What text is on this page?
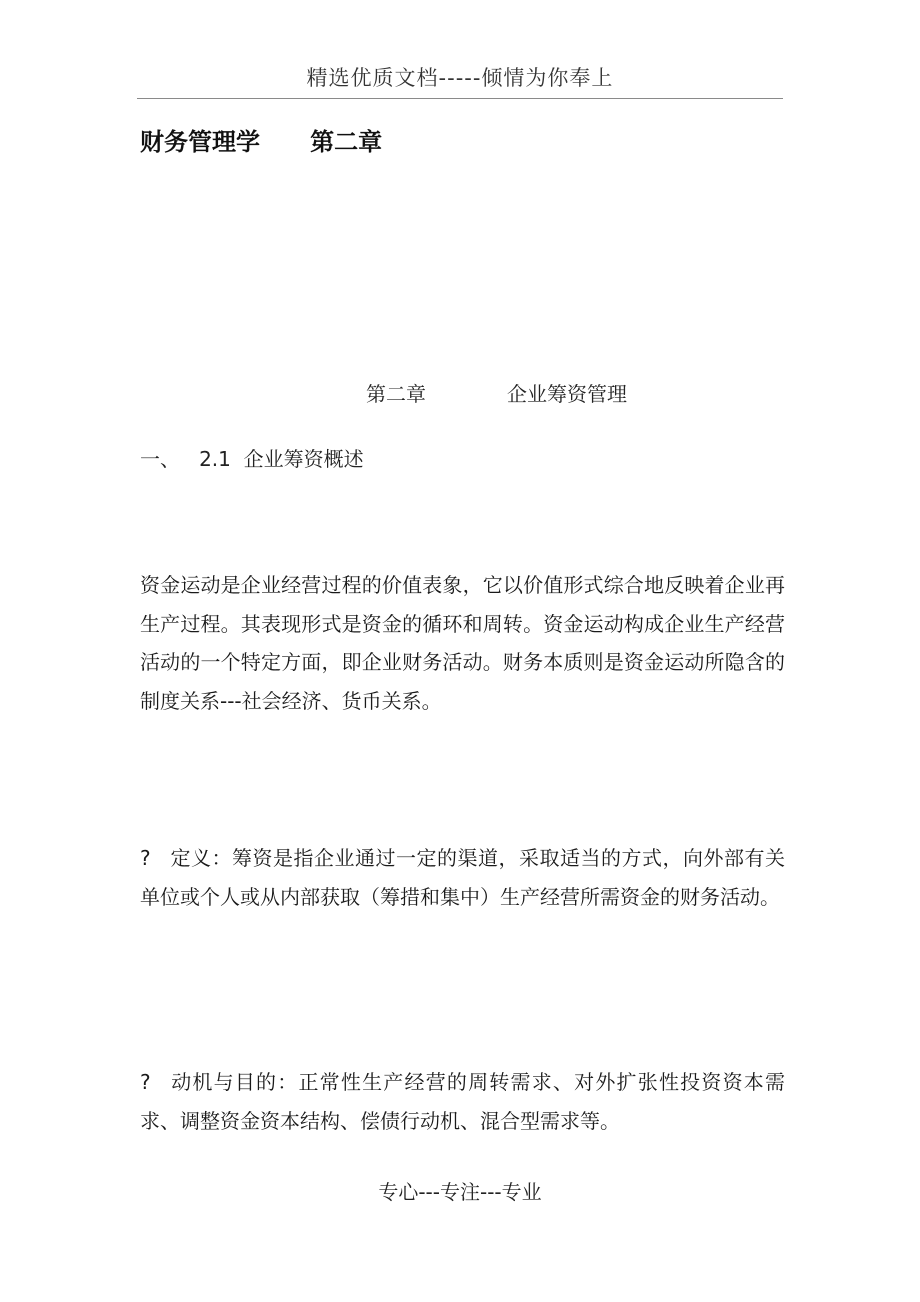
精选优质文档-----倾情为你奉上
财务管理学 第二章
第二章	企业筹资管理
一、 2.1 企业筹资概述
资金运动是企业经营过程的价值表象，它以价值形式综合地反映着企业再生产过程。其表现形式是资金的循环和周转。资金运动构成企业生产经营活动的一个特定方面，即企业财务活动。财务本质则是资金运动所隐含的制度关系---社会经济、货币关系。
? 定义：筹资是指企业通过一定的渠道，采取适当的方式，向外部有关单位或个人或从内部获取（筹措和集中）生产经营所需资金的财务活动。
? 动机与目的：正常性生产经营的周转需求、对外扩张性投资资本需求、调整资金资本结构、偿债行动机、混合型需求等。
专心---专注---专业
